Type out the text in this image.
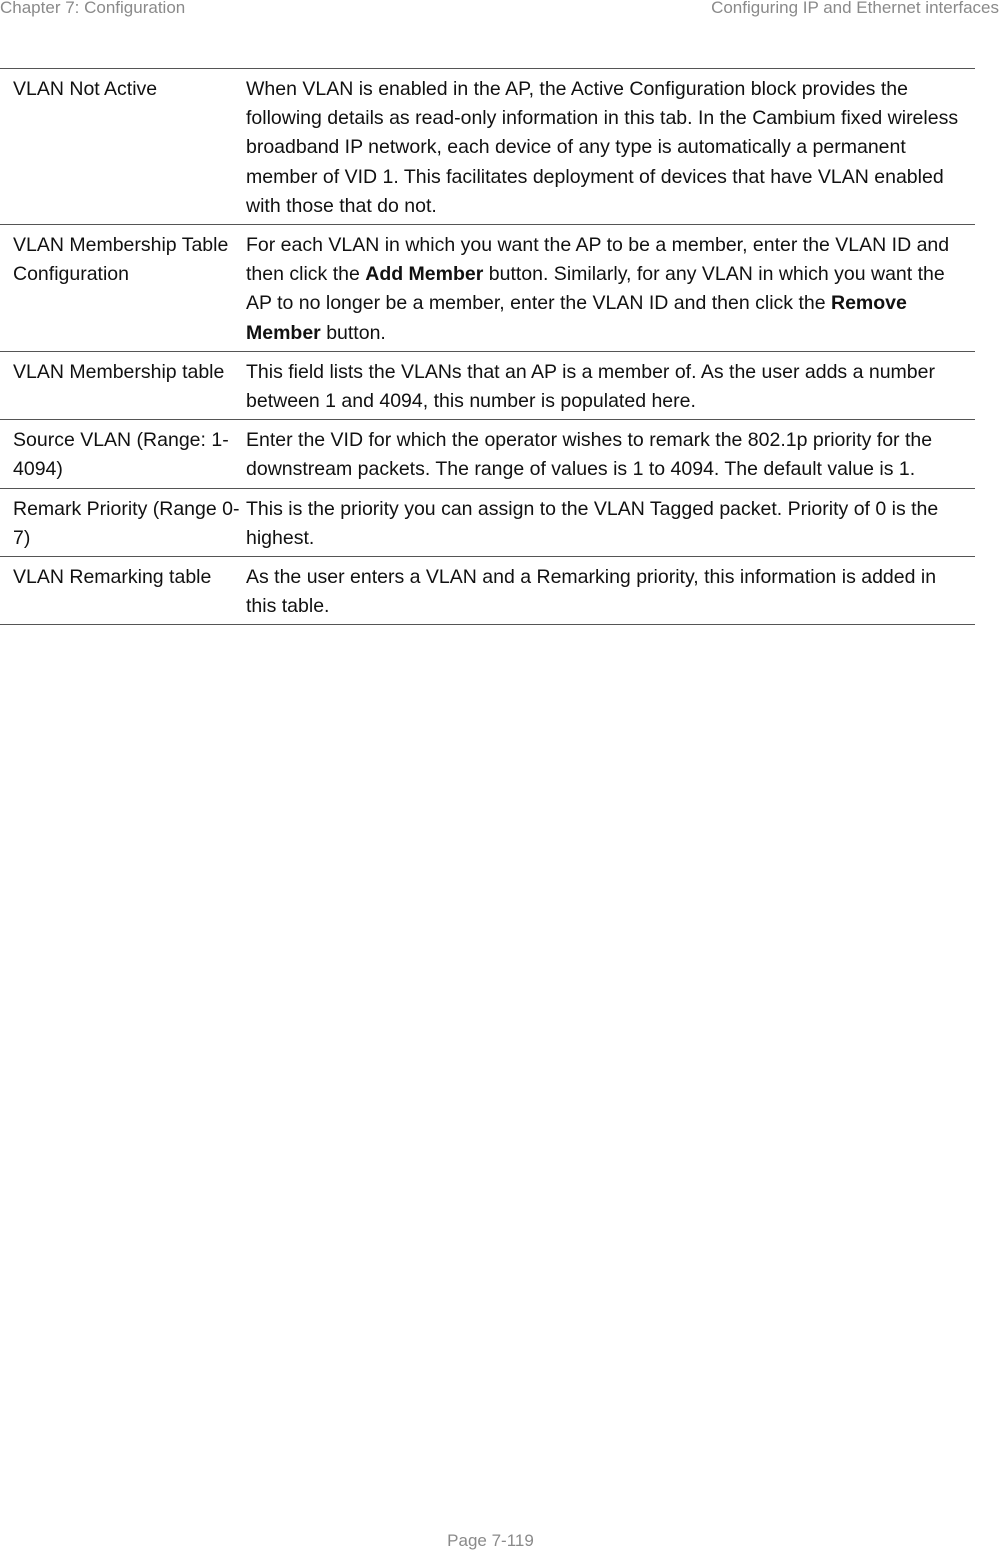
Chapter 7: Configuration	Configuring IP and Ethernet interfaces
VLAN Not Active	When VLAN is enabled in the AP, the Active Configuration block provides the following details as read-only information in this tab. In the Cambium fixed wireless broadband IP network, each device of any type is automatically a permanent member of VID 1. This facilitates deployment of devices that have VLAN enabled with those that do not.
VLAN Membership Table Configuration	For each VLAN in which you want the AP to be a member, enter the VLAN ID and then click the Add Member button. Similarly, for any VLAN in which you want the AP to no longer be a member, enter the VLAN ID and then click the Remove Member button.
VLAN Membership table	This field lists the VLANs that an AP is a member of. As the user adds a number between 1 and 4094, this number is populated here.
Source VLAN (Range: 1-4094)	Enter the VID for which the operator wishes to remark the 802.1p priority for the downstream packets. The range of values is 1 to 4094. The default value is 1.
Remark Priority (Range 0-7)	This is the priority you can assign to the VLAN Tagged packet. Priority of 0 is the highest.
VLAN Remarking table	As the user enters a VLAN and a Remarking priority, this information is added in this table.
Page 7-119
